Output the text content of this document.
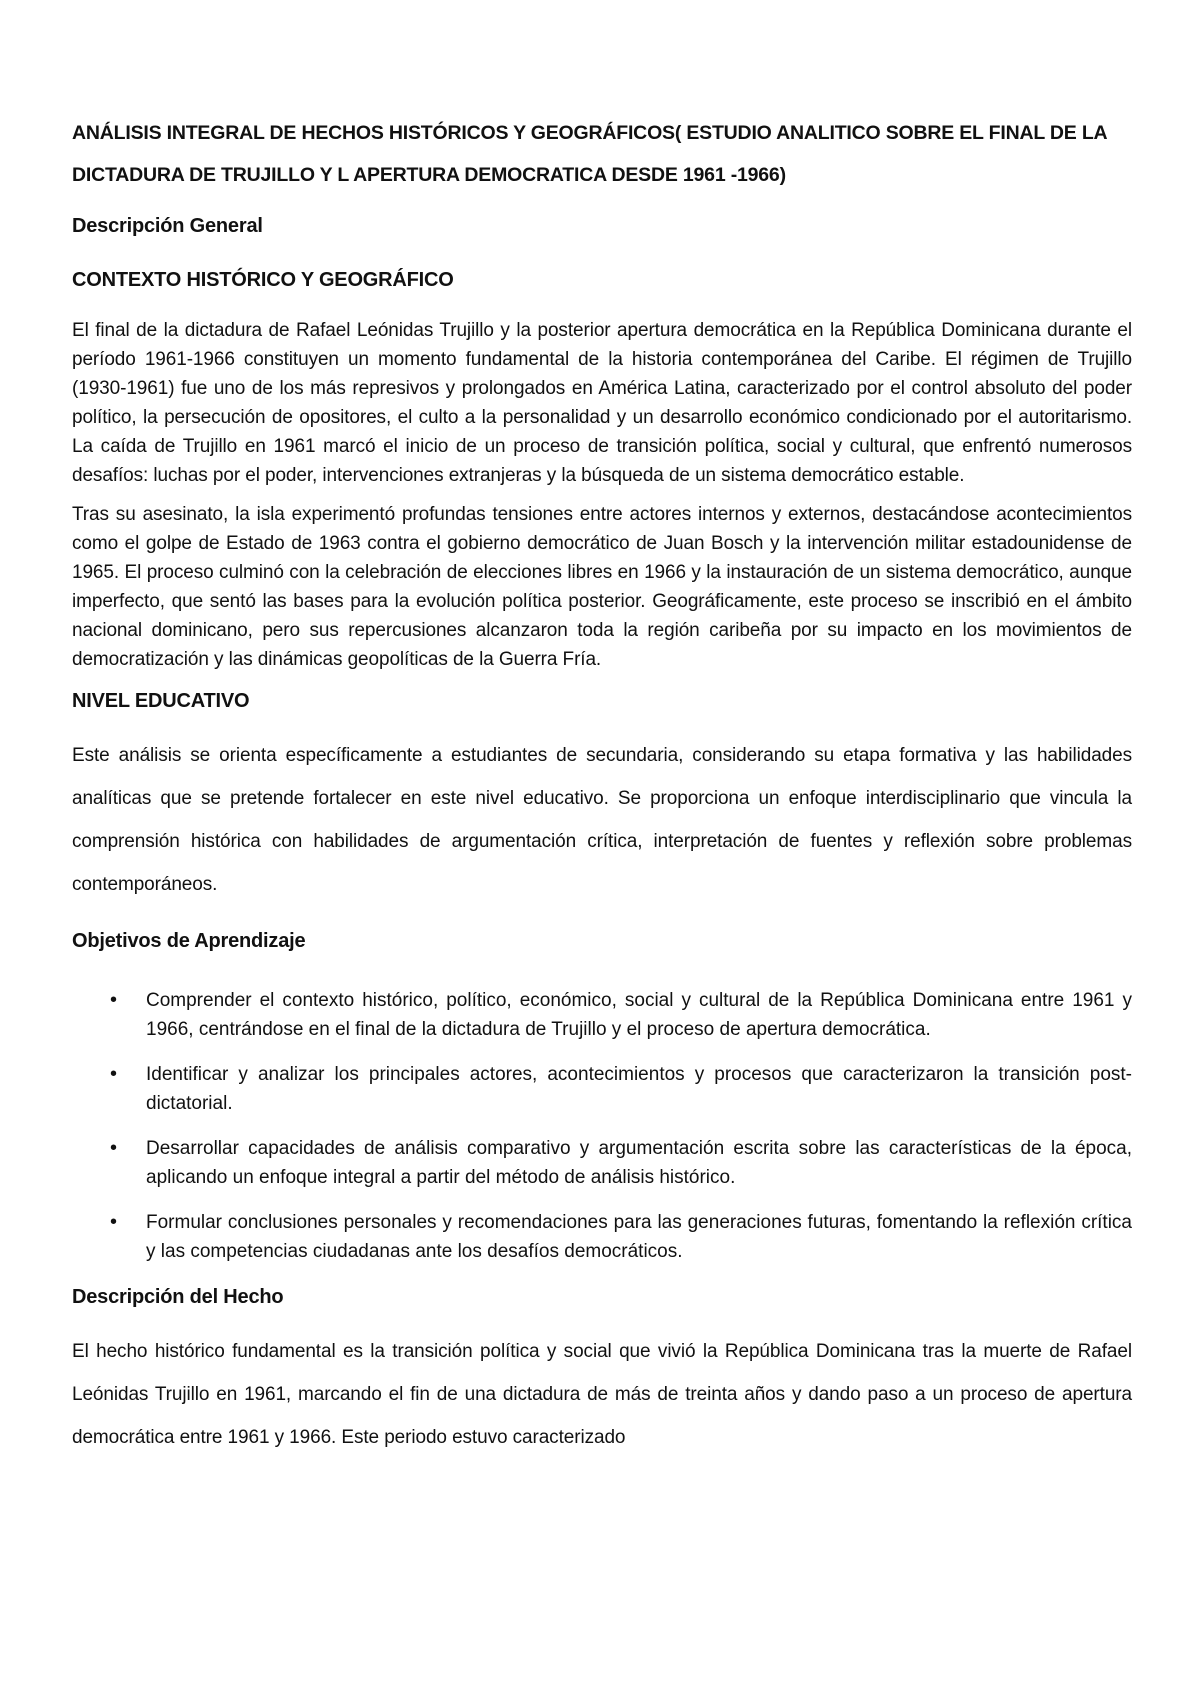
ANÁLISIS INTEGRAL DE HECHOS HISTÓRICOS Y GEOGRÁFICOS( ESTUDIO ANALITICO SOBRE EL FINAL DE LA DICTADURA DE TRUJILLO Y L APERTURA DEMOCRATICA DESDE 1961 -1966)
Descripción General
CONTEXTO HISTÓRICO Y GEOGRÁFICO

El final de la dictadura de Rafael Leónidas Trujillo y la posterior apertura democrática en la República Dominicana durante el período 1961-1966 constituyen un momento fundamental de la historia contemporánea del Caribe. El régimen de Trujillo (1930-1961) fue uno de los más represivos y prolongados en América Latina, caracterizado por el control absoluto del poder político, la persecución de opositores, el culto a la personalidad y un desarrollo económico condicionado por el autoritarismo. La caída de Trujillo en 1961 marcó el inicio de un proceso de transición política, social y cultural, que enfrentó numerosos desafíos: luchas por el poder, intervenciones extranjeras y la búsqueda de un sistema democrático estable.

Tras su asesinato, la isla experimentó profundas tensiones entre actores internos y externos, destacándose acontecimientos como el golpe de Estado de 1963 contra el gobierno democrático de Juan Bosch y la intervención militar estadounidense de 1965. El proceso culminó con la celebración de elecciones libres en 1966 y la instauración de un sistema democrático, aunque imperfecto, que sentó las bases para la evolución política posterior. Geográficamente, este proceso se inscribió en el ámbito nacional dominicano, pero sus repercusiones alcanzaron toda la región caribeña por su impacto en los movimientos de democratización y las dinámicas geopolíticas de la Guerra Fría.

NIVEL EDUCATIVO

Este análisis se orienta específicamente a estudiantes de secundaria, considerando su etapa formativa y las habilidades analíticas que se pretende fortalecer en este nivel educativo. Se proporciona un enfoque interdisciplinario que vincula la comprensión histórica con habilidades de argumentación crítica, interpretación de fuentes y reflexión sobre problemas contemporáneos.

Objetivos de Aprendizaje
• Comprender el contexto histórico, político, económico, social y cultural de la República Dominicana entre 1961 y 1966, centrándose en el final de la dictadura de Trujillo y el proceso de apertura democrática.
• Identificar y analizar los principales actores, acontecimientos y procesos que caracterizaron la transición post-dictatorial.
• Desarrollar capacidades de análisis comparativo y argumentación escrita sobre las características de la época, aplicando un enfoque integral a partir del método de análisis histórico.
• Formular conclusiones personales y recomendaciones para las generaciones futuras, fomentando la reflexión crítica y las competencias ciudadanas ante los desafíos democráticos.
Descripción del Hecho

El hecho histórico fundamental es la transición política y social que vivió la República Dominicana tras la muerte de Rafael Leónidas Trujillo en 1961, marcando el fin de una dictadura de más de treinta años y dando paso a un proceso de apertura democrática entre 1961 y 1966. Este periodo estuvo caracterizado
